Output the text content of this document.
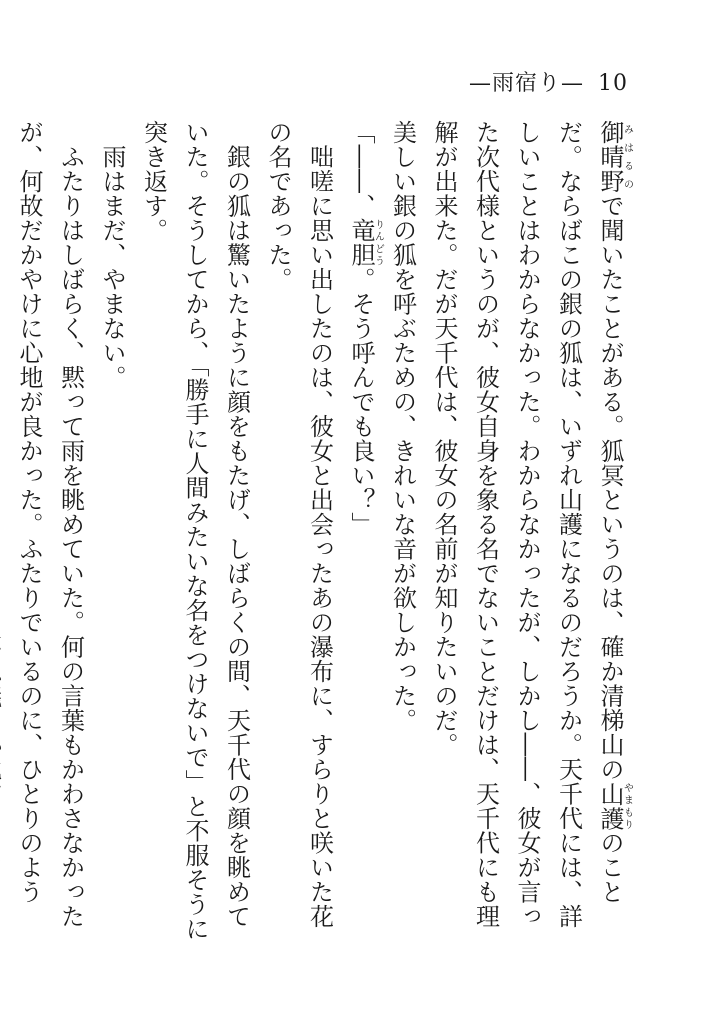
—雨宿り— 10
御晴野みはるので聞いたことがある。狐冥というのは、確か清梯山の山護やまもりのことだ。ならばこの銀の狐は、いずれ山護になるのだろうか。天千代には、詳しいことはわからなかった。わからなかったが、しかし――、彼女が言った次代様というのが、彼女自身を象る名でないことだけは、天千代にも理解が出来た。だが天千代は、彼女の名前が知りたいのだ。
美しい銀の狐を呼ぶための、きれいな音が欲しかった。
「――、竜胆りんどう。そう呼んでも良い？」
　咄嗟に思い出したのは、彼女と出会ったあの瀑布に、すらりと咲いた花の名であった。
　銀の狐は驚いたように顔をもたげ、しばらくの間、天千代の顔を眺めていた。そうしてから、「勝手に人間みたいな名をつけないで」と不服そうに突き返す。
　雨はまだ、やまない。
　ふたりはしばらく、黙って雨を眺めていた。何の言葉もかわさなかったが、何故だかやけに心地が良かった。ふたりでいるのに、ひとりのよう
